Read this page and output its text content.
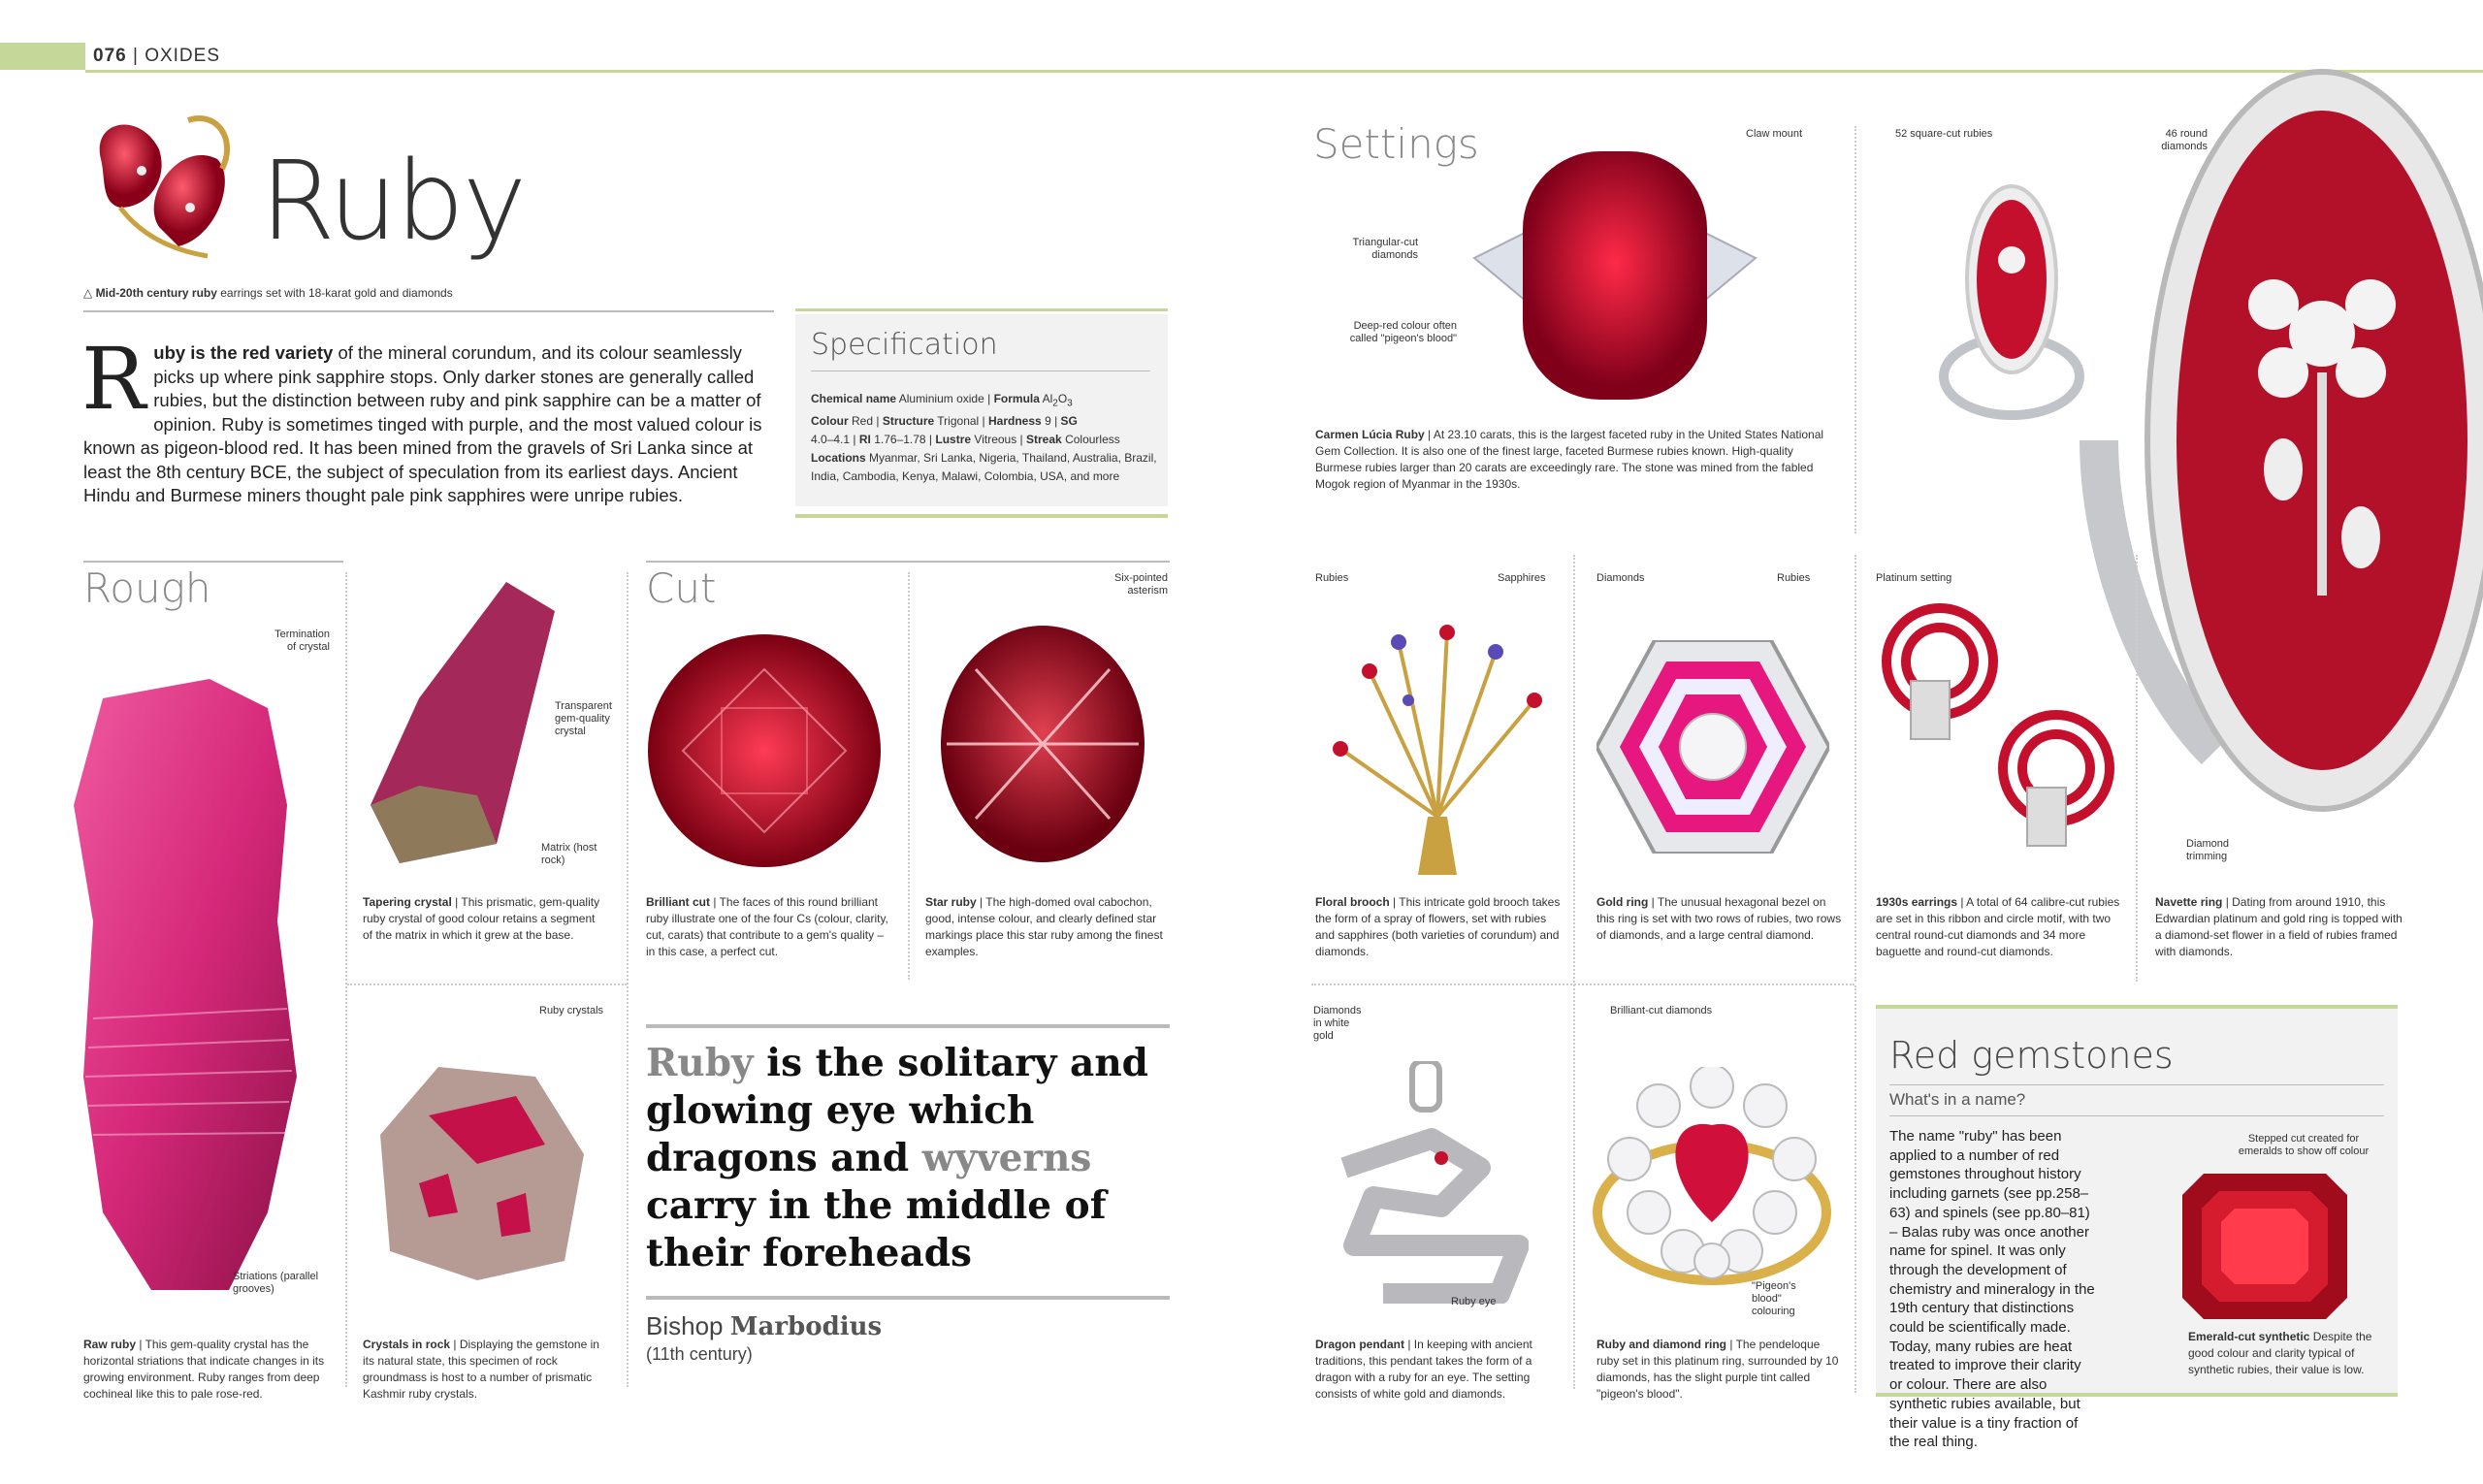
076 | OXIDES
Ruby
△ Mid-20th century ruby earrings set with 18-karat gold and diamonds
Ruby is the red variety of the mineral corundum, and its colour seamlessly picks up where pink sapphire stops. Only darker stones are generally called rubies, but the distinction between ruby and pink sapphire can be a matter of opinion. Ruby is sometimes tinged with purple, and the most valued colour is known as pigeon-blood red. It has been mined from the gravels of Sri Lanka since at least the 8th century BCE, the subject of speculation from its earliest days. Ancient Hindu and Burmese miners thought pale pink sapphires were unripe rubies.
Specification
Chemical name Aluminium oxide | Formula $Al_2O_3$
Colour Red | Structure Trigonal | Hardness 9 | SG
4.0–4.1 | RI 1.76–1.78 | Lustre Vitreous | Streak Colourless
Locations Myanmar, Sri Lanka, Nigeria, Thailand, Australia, Brazil, India, Cambodia, Kenya, Malawi, Colombia, USA, and more
Rough
Termination of crystal
Striations (parallel grooves)
Raw ruby | This gem-quality crystal has the horizontal striations that indicate changes in its growing environment. Ruby ranges from deep cochineal like this to pale rose-red.
Transparent gem-quality crystal
Matrix (host rock)
Tapering crystal | This prismatic, gem-quality ruby crystal of good colour retains a segment of the matrix in which it grew at the base.
Ruby crystals
Crystals in rock | Displaying the gemstone in its natural state, this specimen of rock groundmass is host to a number of prismatic Kashmir ruby crystals.
Cut
Brilliant cut | The faces of this round brilliant ruby illustrate one of the four Cs (colour, clarity, cut, carats) that contribute to a gem's quality – in this case, a perfect cut.
Six-pointed asterism
Star ruby | The high-domed oval cabochon, good, intense colour, and clearly defined star markings place this star ruby among the finest examples.
Ruby is the solitary and glowing eye which dragons and wyverns carry in the middle of their foreheads
Bishop Marbodius
(11th century)
Settings	Claw mount
Triangular-cut diamonds
Deep-red colour often called "pigeon's blood"
Carmen Lúcia Ruby | At 23.10 carats, this is the largest faceted ruby in the United States National Gem Collection. It is also one of the finest large, faceted Burmese rubies known. High-quality Burmese rubies larger than 20 carats are exceedingly rare. The stone was mined from the fabled Mogok region of Myanmar in the 1930s.
52 square-cut rubies	46 round diamonds
Diamond trimming
Rubies	Sapphires
Floral brooch | This intricate gold brooch takes the form of a spray of flowers, set with rubies and sapphires (both varieties of corundum) and diamonds.
Diamonds	Rubies
Gold ring | The unusual hexagonal bezel on this ring is set with two rows of rubies, two rows of diamonds, and a large central diamond.
Platinum setting
1930s earrings | A total of 64 calibre-cut rubies are set in this ribbon and circle motif, with two central round-cut diamonds and 34 more baguette and round-cut diamonds.
Navette ring | Dating from around 1910, this Edwardian platinum and gold ring is topped with a diamond-set flower in a field of rubies framed with diamonds.
Diamonds in white gold
Ruby eye
Dragon pendant | In keeping with ancient traditions, this pendant takes the form of a dragon with a ruby for an eye. The setting consists of white gold and diamonds.
Brilliant-cut diamonds
"Pigeon's blood" colouring
Ruby and diamond ring | The pendeloque ruby set in this platinum ring, surrounded by 10 diamonds, has the slight purple tint called "pigeon's blood".
Red gemstones
What's in a name?
The name "ruby" has been applied to a number of red gemstones throughout history including garnets (see pp.258–63) and spinels (see pp.80–81) – Balas ruby was once another name for spinel. It was only through the development of chemistry and mineralogy in the 19th century that distinctions could be scientifically made. Today, many rubies are heat treated to improve their clarity or colour. There are also synthetic rubies available, but their value is a tiny fraction of the real thing.
Stepped cut created for emeralds to show off colour
Emerald-cut synthetic Despite the good colour and clarity typical of synthetic rubies, their value is low.
